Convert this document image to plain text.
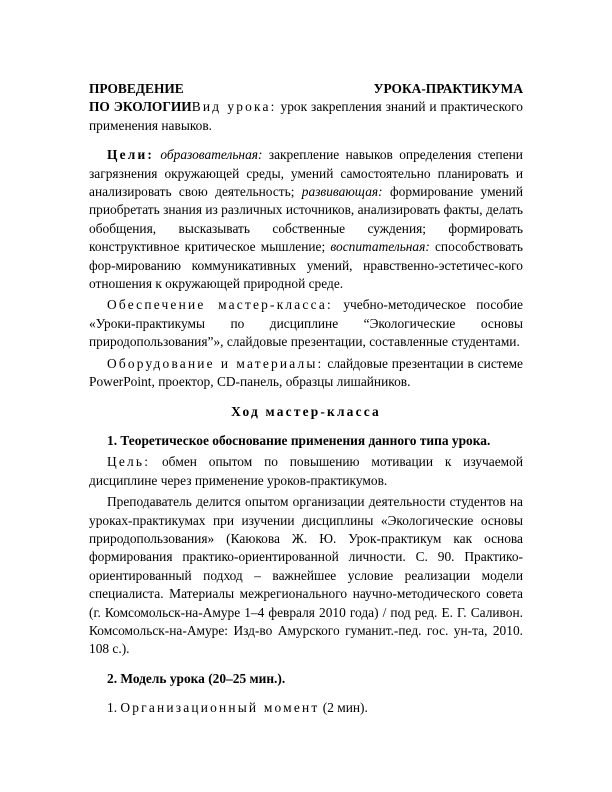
ПРОВЕДЕНИЕ	УРОКА-ПРАКТИКУМА

ПО ЭКОЛОГИИВид урока: урок закрепления знаний и практического применения навыков.

Цели: образовательная: закрепление навыков определения степени загрязнения окружающей среды, умений самостоятельно планировать и анализировать свою деятельность; развивающая: формирование умений приобретать знания из различных источников, анализировать факты, делать обобщения, высказывать собственные суждения; формировать конструктивное критическое мышление; воспитательная: способствовать фор-мированию коммуникативных умений, нравственно-эстетичес-кого отношения к окружающей природной среде.

Обеспечение мастер-класса: учебно-методическое пособие «Уроки-практикумы по дисциплине “Экологические основы природопользования”», слайдовые презентации, составленные студентами.

Оборудование и материалы: слайдовые презентации в системе PowerPoint, проектор, CD-панель, образцы лишайников.

Ход мастер-класса

1. Теоретическое обоснование применения данного типа урока.

Цель: обмен опытом по повышению мотивации к изучаемой дисциплине через применение уроков-практикумов.

Преподаватель делится опытом организации деятельности студентов на уроках-практикумах при изучении дисциплины «Экологические основы природопользования» (Каюкова Ж. Ю. Урок-практикум как основа формирования практико-ориентированной личности. С. 90. Практико-ориентированный подход – важнейшее условие реализации модели специалиста. Материалы межрегионального научно-методического совета (г. Комсомольск-на-Амуре 1–4 февраля 2010 года) / под ред. Е. Г. Саливон. Комсомольск-на-Амуре: Изд-во Амурского гуманит.-пед. гос. ун-та, 2010. 108 с.).

2. Модель урока (20–25 мин.).

1. Организационный момент (2 мин).
